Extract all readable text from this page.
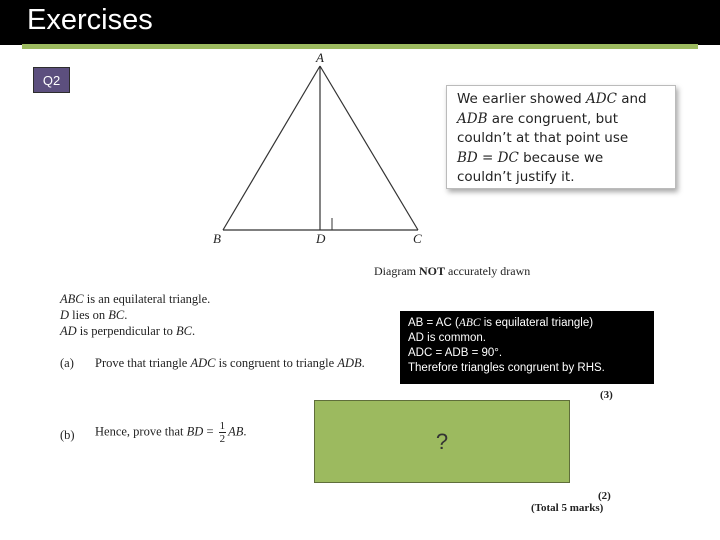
Exercises
Q2
A
B	D	C
Diagram NOT accurately drawn
We earlier showed ADC and
ADB are congruent, but
couldn’t at that point use
BD = DC because we
couldn’t justify it.
ABC is an equilateral triangle.
D lies on BC.
AD is perpendicular to BC.
(a) Prove that triangle ADC is congruent to triangle ADB.
AB = AC (ABC is equilateral triangle)
AD is common.
ADC = ADB = 90°.
Therefore triangles congruent by RHS.
(3)
(b) Hence, prove that BD = $\frac{1}{2}$ AB.	?
(2)
(Total 5 marks)
